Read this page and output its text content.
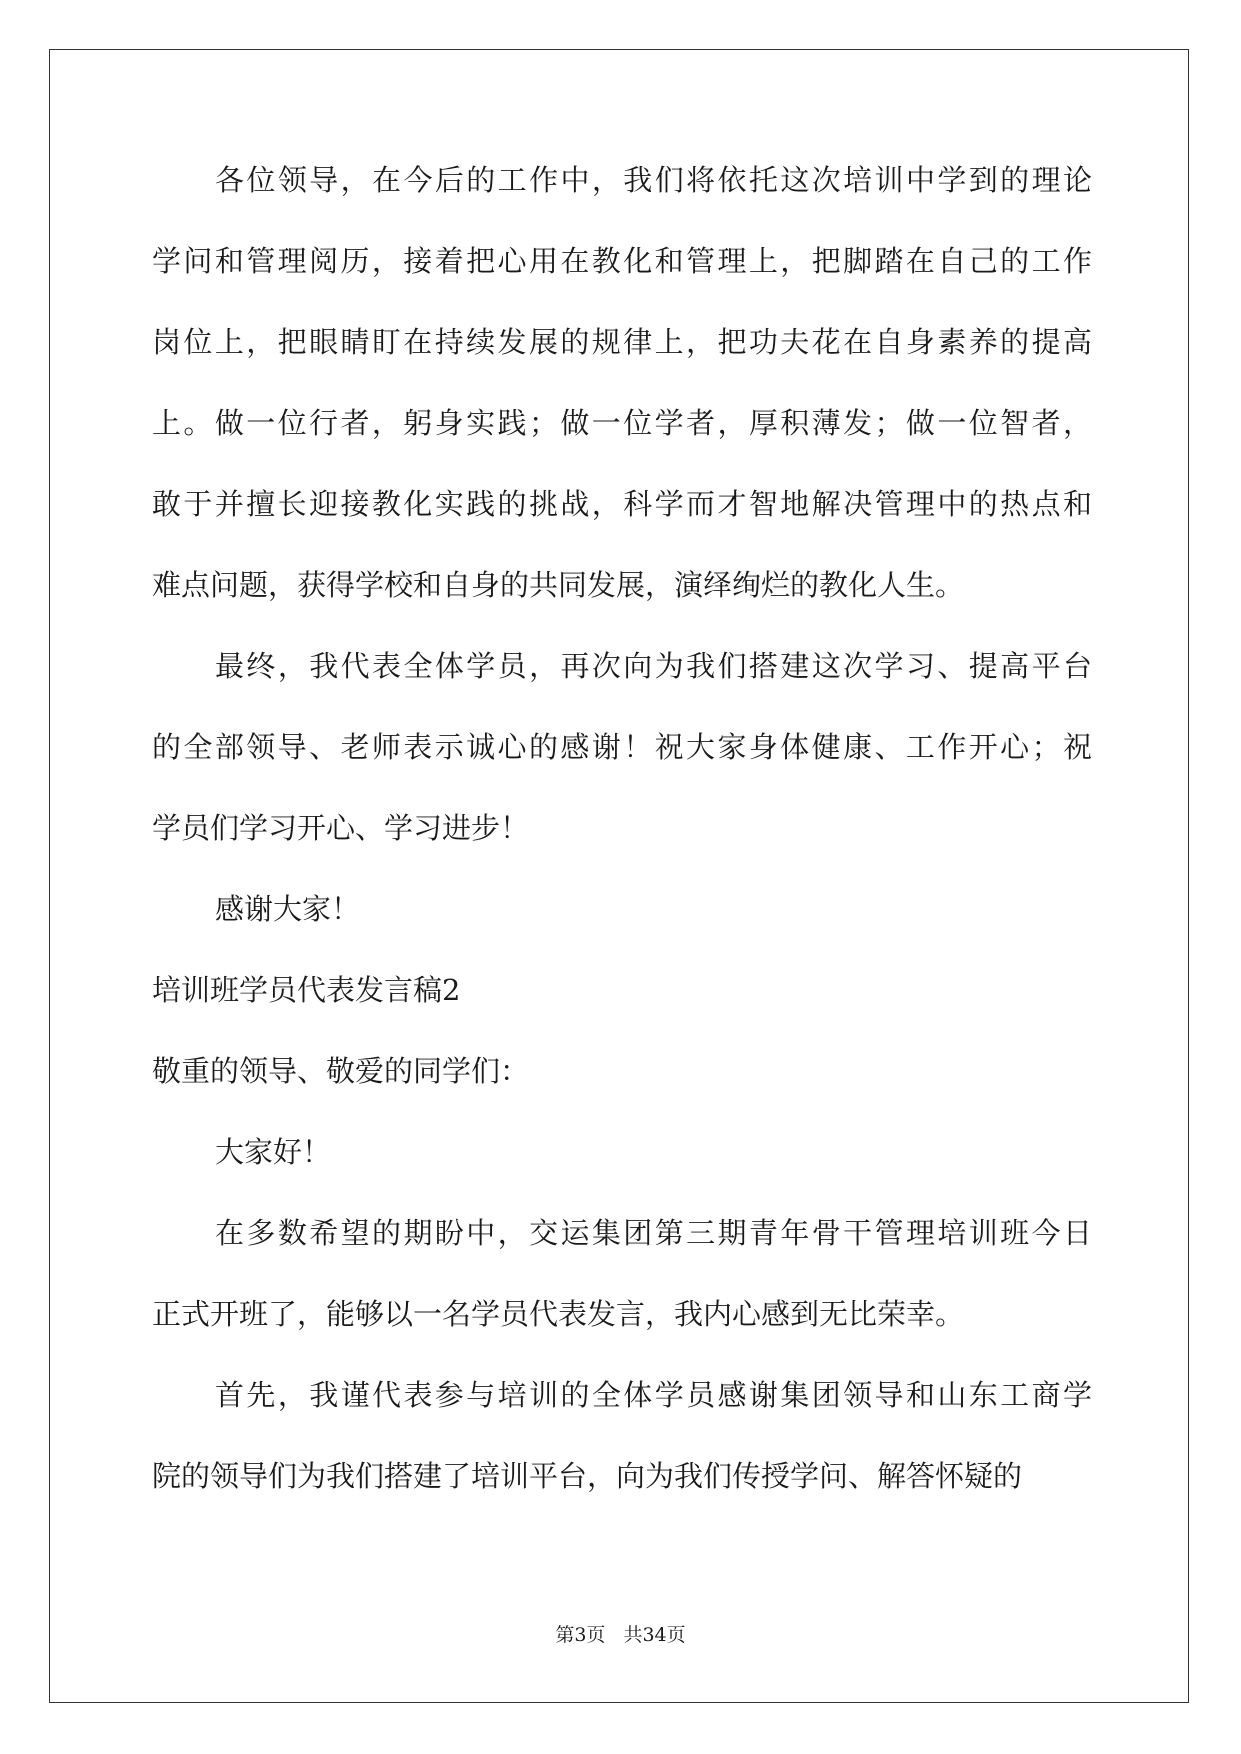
各位领导，在今后的工作中，我们将依托这次培训中学到的理论
学问和管理阅历，接着把心用在教化和管理上，把脚踏在自己的工作
岗位上，把眼睛盯在持续发展的规律上，把功夫花在自身素养的提高
上。做一位行者，躬身实践；做一位学者，厚积薄发；做一位智者，
敢于并擅长迎接教化实践的挑战，科学而才智地解决管理中的热点和
难点问题，获得学校和自身的共同发展，演绎绚烂的教化人生。
最终，我代表全体学员，再次向为我们搭建这次学习、提高平台
的全部领导、老师表示诚心的感谢！祝大家身体健康、工作开心；祝
学员们学习开心、学习进步！
感谢大家！
培训班学员代表发言稿2
敬重的领导、敬爱的同学们：
大家好！
在多数希望的期盼中，交运集团第三期青年骨干管理培训班今日
正式开班了，能够以一名学员代表发言，我内心感到无比荣幸。
首先，我谨代表参与培训的全体学员感谢集团领导和山东工商学
院的领导们为我们搭建了培训平台，向为我们传授学问、解答怀疑的
第3页 共34页
